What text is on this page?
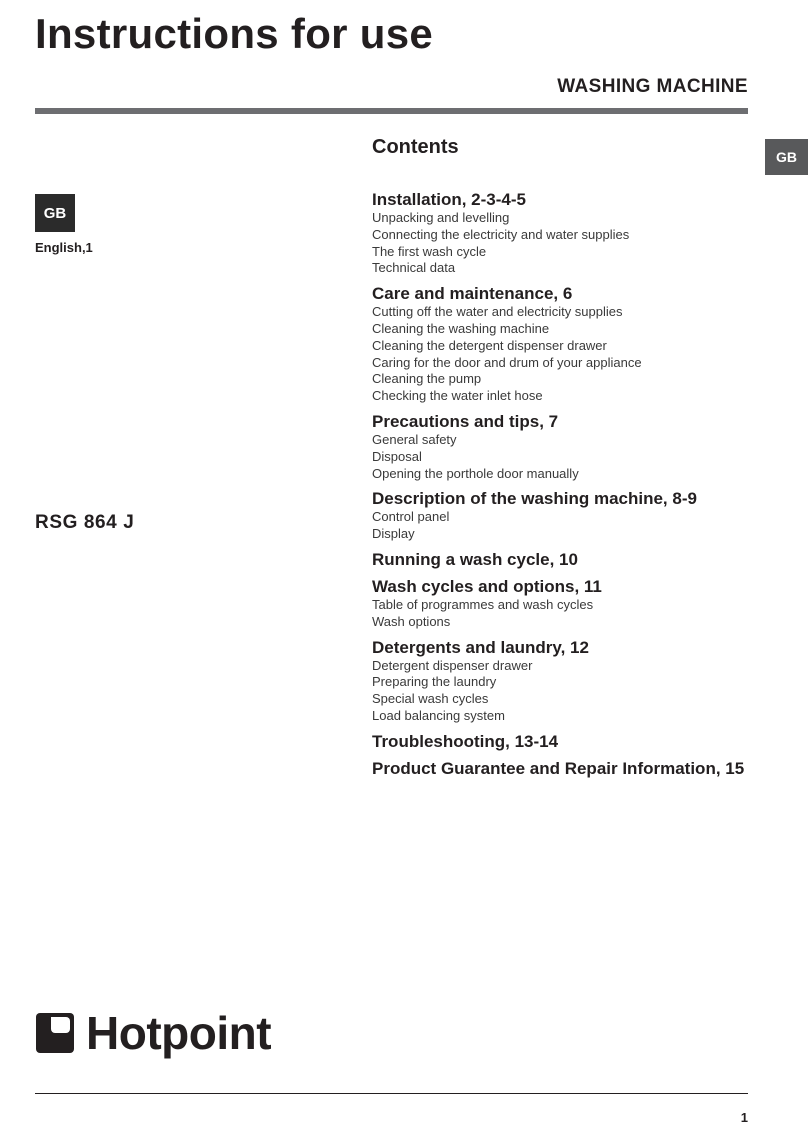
Instructions for use
WASHING MACHINE
GB
English,1
RSG 864 J
GB
Contents
Installation, 2-3-4-5
Unpacking and levelling
Connecting the electricity and water supplies
The first wash cycle
Technical data
Care and maintenance, 6
Cutting off the water and electricity supplies
Cleaning the washing machine
Cleaning the detergent dispenser drawer
Caring for the door and drum of your appliance
Cleaning the pump
Checking the water inlet hose
Precautions and tips, 7
General safety
Disposal
Opening the porthole door manually
Description of the washing machine, 8-9
Control panel
Display
Running a wash cycle, 10
Wash cycles and options, 11
Table of programmes and wash cycles
Wash options
Detergents and laundry, 12
Detergent dispenser drawer
Preparing the laundry
Special wash cycles
Load balancing system
Troubleshooting, 13-14
Product Guarantee and Repair Information, 15
Hotpoint
1
